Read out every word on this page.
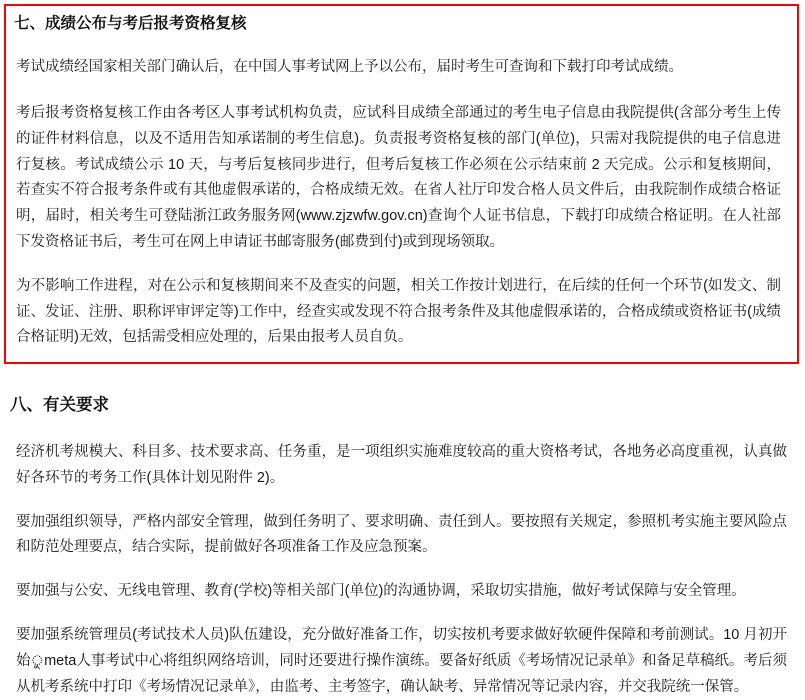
七、成绩公布与考后报考资格复核

考试成绩经国家相关部门确认后，在中国人事考试网上予以公布，届时考生可查询和下载打印考试成绩。

考后报考资格复核工作由各考区人事考试机构负责，应试科目成绩全部通过的考生电子信息由我院提供(含部分考生上传的证件材料信息，以及不适用告知承诺制的考生信息)。负责报考资格复核的部门(单位)，只需对我院提供的电子信息进行复核。考试成绩公示 10 天，与考后复核同步进行，但考后复核工作必须在公示结束前 2 天完成。公示和复核期间，若查实不符合报考条件或有其他虚假承诺的，合格成绩无效。在省人社厅印发合格人员文件后，由我院制作成绩合格证明，届时，相关考生可登陆浙江政务服务网(www.zjzwfw.gov.cn)查询个人证书信息，下载打印成绩合格证明。在人社部下发资格证书后，考生可在网上申请证书邮寄服务(邮费到付)或到现场领取。

为不影响工作进程，对在公示和复核期间来不及查实的问题，相关工作按计划进行，在后续的任何一个环节(如发文、制证、发证、注册、职称评审评定等)工作中，经查实或发现不符合报考条件及其他虚假承诺的，合格成绩或资格证书(成绩合格证明)无效，包括需受相应处理的，后果由报考人员自负。

八、有关要求

经济机考规模大、科目多、技术要求高、任务重，是一项组织实施难度较高的重大资格考试，各地务必高度重视，认真做好各环节的考务工作(具体计划见附件 2)。

要加强组织领导，严格内部安全管理，做到任务明了、要求明确、责任到人。要按照有关规定，参照机考实施主要风险点和防范处理要点，结合实际，提前做好各项准备工作及应急预案。

要加强与公安、无线电管理、教育(学校)等相关部门(单位)的沟通协调，采取切实措施，做好考试保障与安全管理。

要加强系统管理员(考试技术人员)队伍建设，充分做好准备工作，切实按机考要求做好软硬件保障和考前测试。10 月初开始ুmeta人事考试中心将组织网络培训，同时还要进行操作演练。要备好纸质《考场情况记录单》和备足草稿纸。考后须从机考系统中打印《考场情况记录单》，由监考、主考签字，确认缺考、异常情况等记录内容，并交我院统一保管。
